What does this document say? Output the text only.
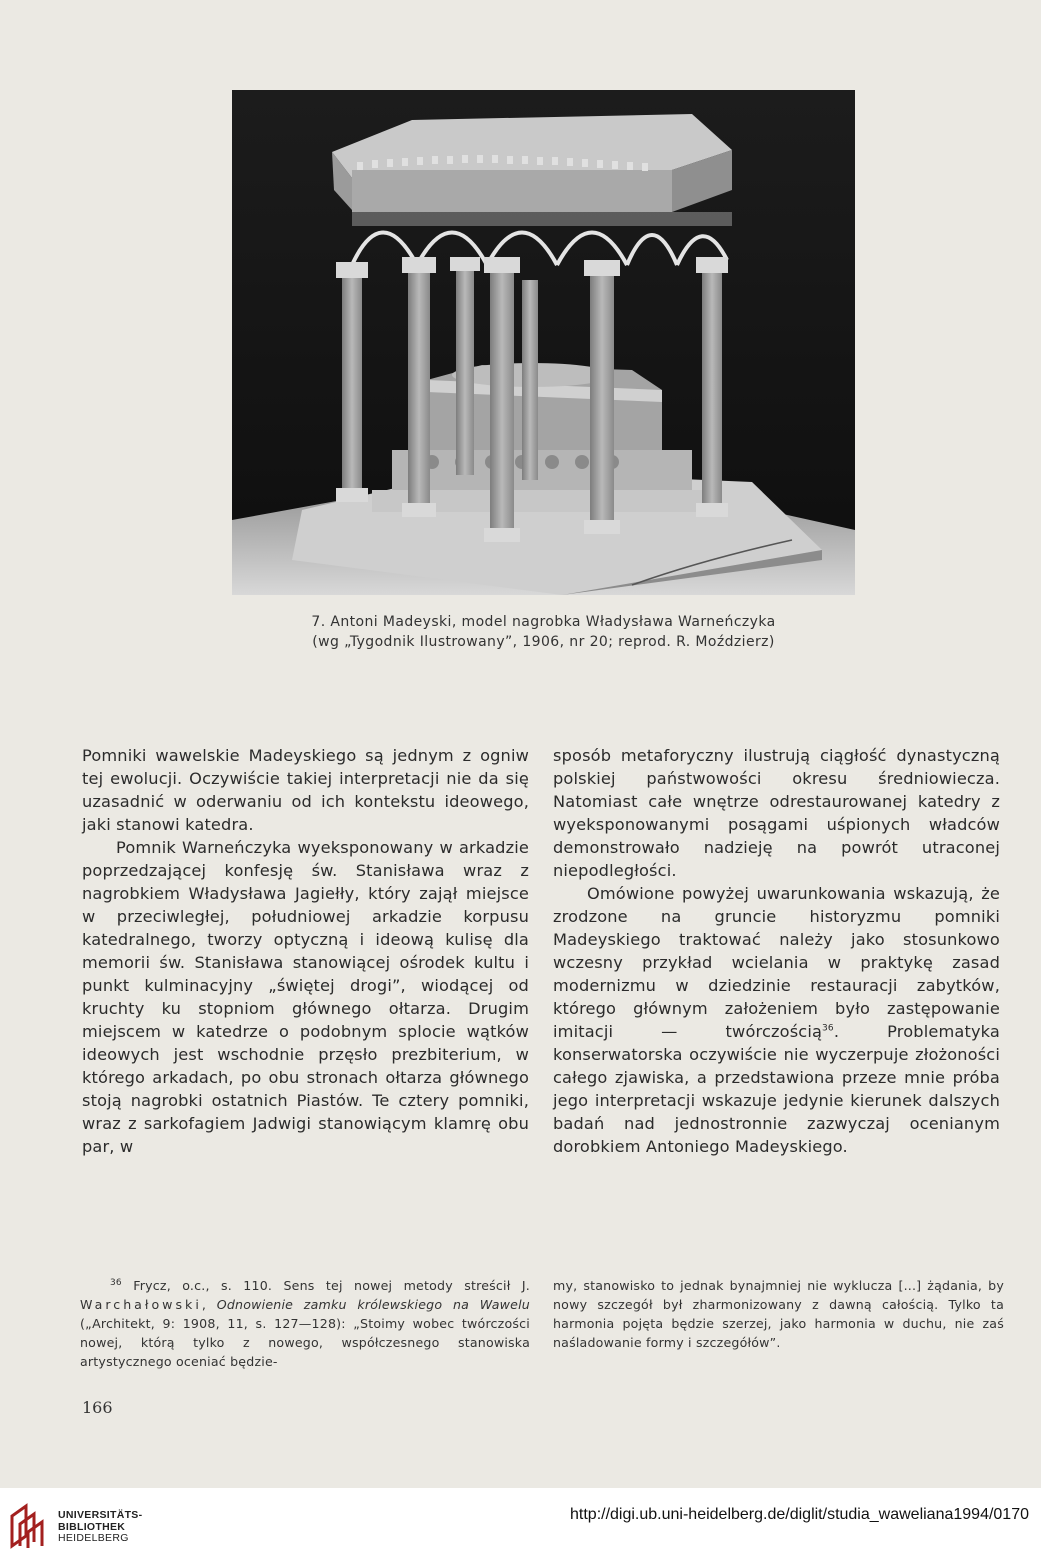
7. Antoni Madeyski, model nagrobka Władysława Warneńczyka
(wg „Tygodnik Ilustrowany”, 1906, nr 20; reprod. R. Moździerz)

Pomniki wawelskie Madeyskiego są jednym z ogniw tej ewolucji. Oczywiście takiej interpretacji nie da się uzasadnić w oderwaniu od ich kontekstu ideowego, jaki stanowi katedra.

Pomnik Warneńczyka wyeksponowany w arkadzie poprzedzającej konfesję św. Stanisława wraz z nagrobkiem Władysława Jagiełły, który zajął miejsce w przeciwległej, południowej arkadzie korpusu katedralnego, tworzy optyczną i ideową kulisę dla memorii św. Stanisława stanowiącej ośrodek kultu i punkt kulminacyjny „świętej drogi”, wiodącej od kruchty ku stopniom głównego ołtarza. Drugim miejscem w katedrze o podobnym splocie wątków ideowych jest wschodnie przęsło prezbiterium, w którego arkadach, po obu stronach ołtarza głównego stoją nagrobki ostatnich Piastów. Te cztery pomniki, wraz z sarkofagiem Jadwigi stanowiącym klamrę obu par, w

sposób metaforyczny ilustrują ciągłość dynastyczną polskiej państwowości okresu średniowiecza. Natomiast całe wnętrze odrestaurowanej katedry z wyeksponowanymi posągami uśpionych władców demonstrowało nadzieję na powrót utraconej niepodległości.

Omówione powyżej uwarunkowania wskazują, że zrodzone na gruncie historyzmu pomniki Madeyskiego traktować należy jako stosunkowo wczesny przykład wcielania w praktykę zasad modernizmu w dziedzinie restauracji zabytków, którego głównym założeniem było zastępowanie imitacji — twórczością$^{36}$. Problematyka konserwatorska oczywiście nie wyczerpuje złożoności całego zjawiska, a przedstawiona przeze mnie próba jego interpretacji wskazuje jedynie kierunek dalszych badań nad jednostronnie zazwyczaj ocenianym dorobkiem Antoniego Madeyskiego.

$^{36}$ Frycz, o.c., s. 110. Sens tej nowej metody streścił J. Warchałowski, Odnowienie zamku królewskiego na Wawelu („Architekt, 9: 1908, 11, s. 127—128): „Stoimy wobec twórczości nowej, którą tylko z nowego, współczesnego stanowiska artystycznego oceniać będzie-

my, stanowisko to jednak bynajmniej nie wyklucza [...] żądania, by nowy szczegół był zharmonizowany z dawną całością. Tylko ta harmonia pojęta będzie szerzej, jako harmonia w duchu, nie zaś naśladowanie formy i szczegółów”.

166
UNIVERSITÄTS-
BIBLIOTHEK
HEIDELBERG
http://digi.ub.uni-heidelberg.de/diglit/studia_waweliana1994/0170
